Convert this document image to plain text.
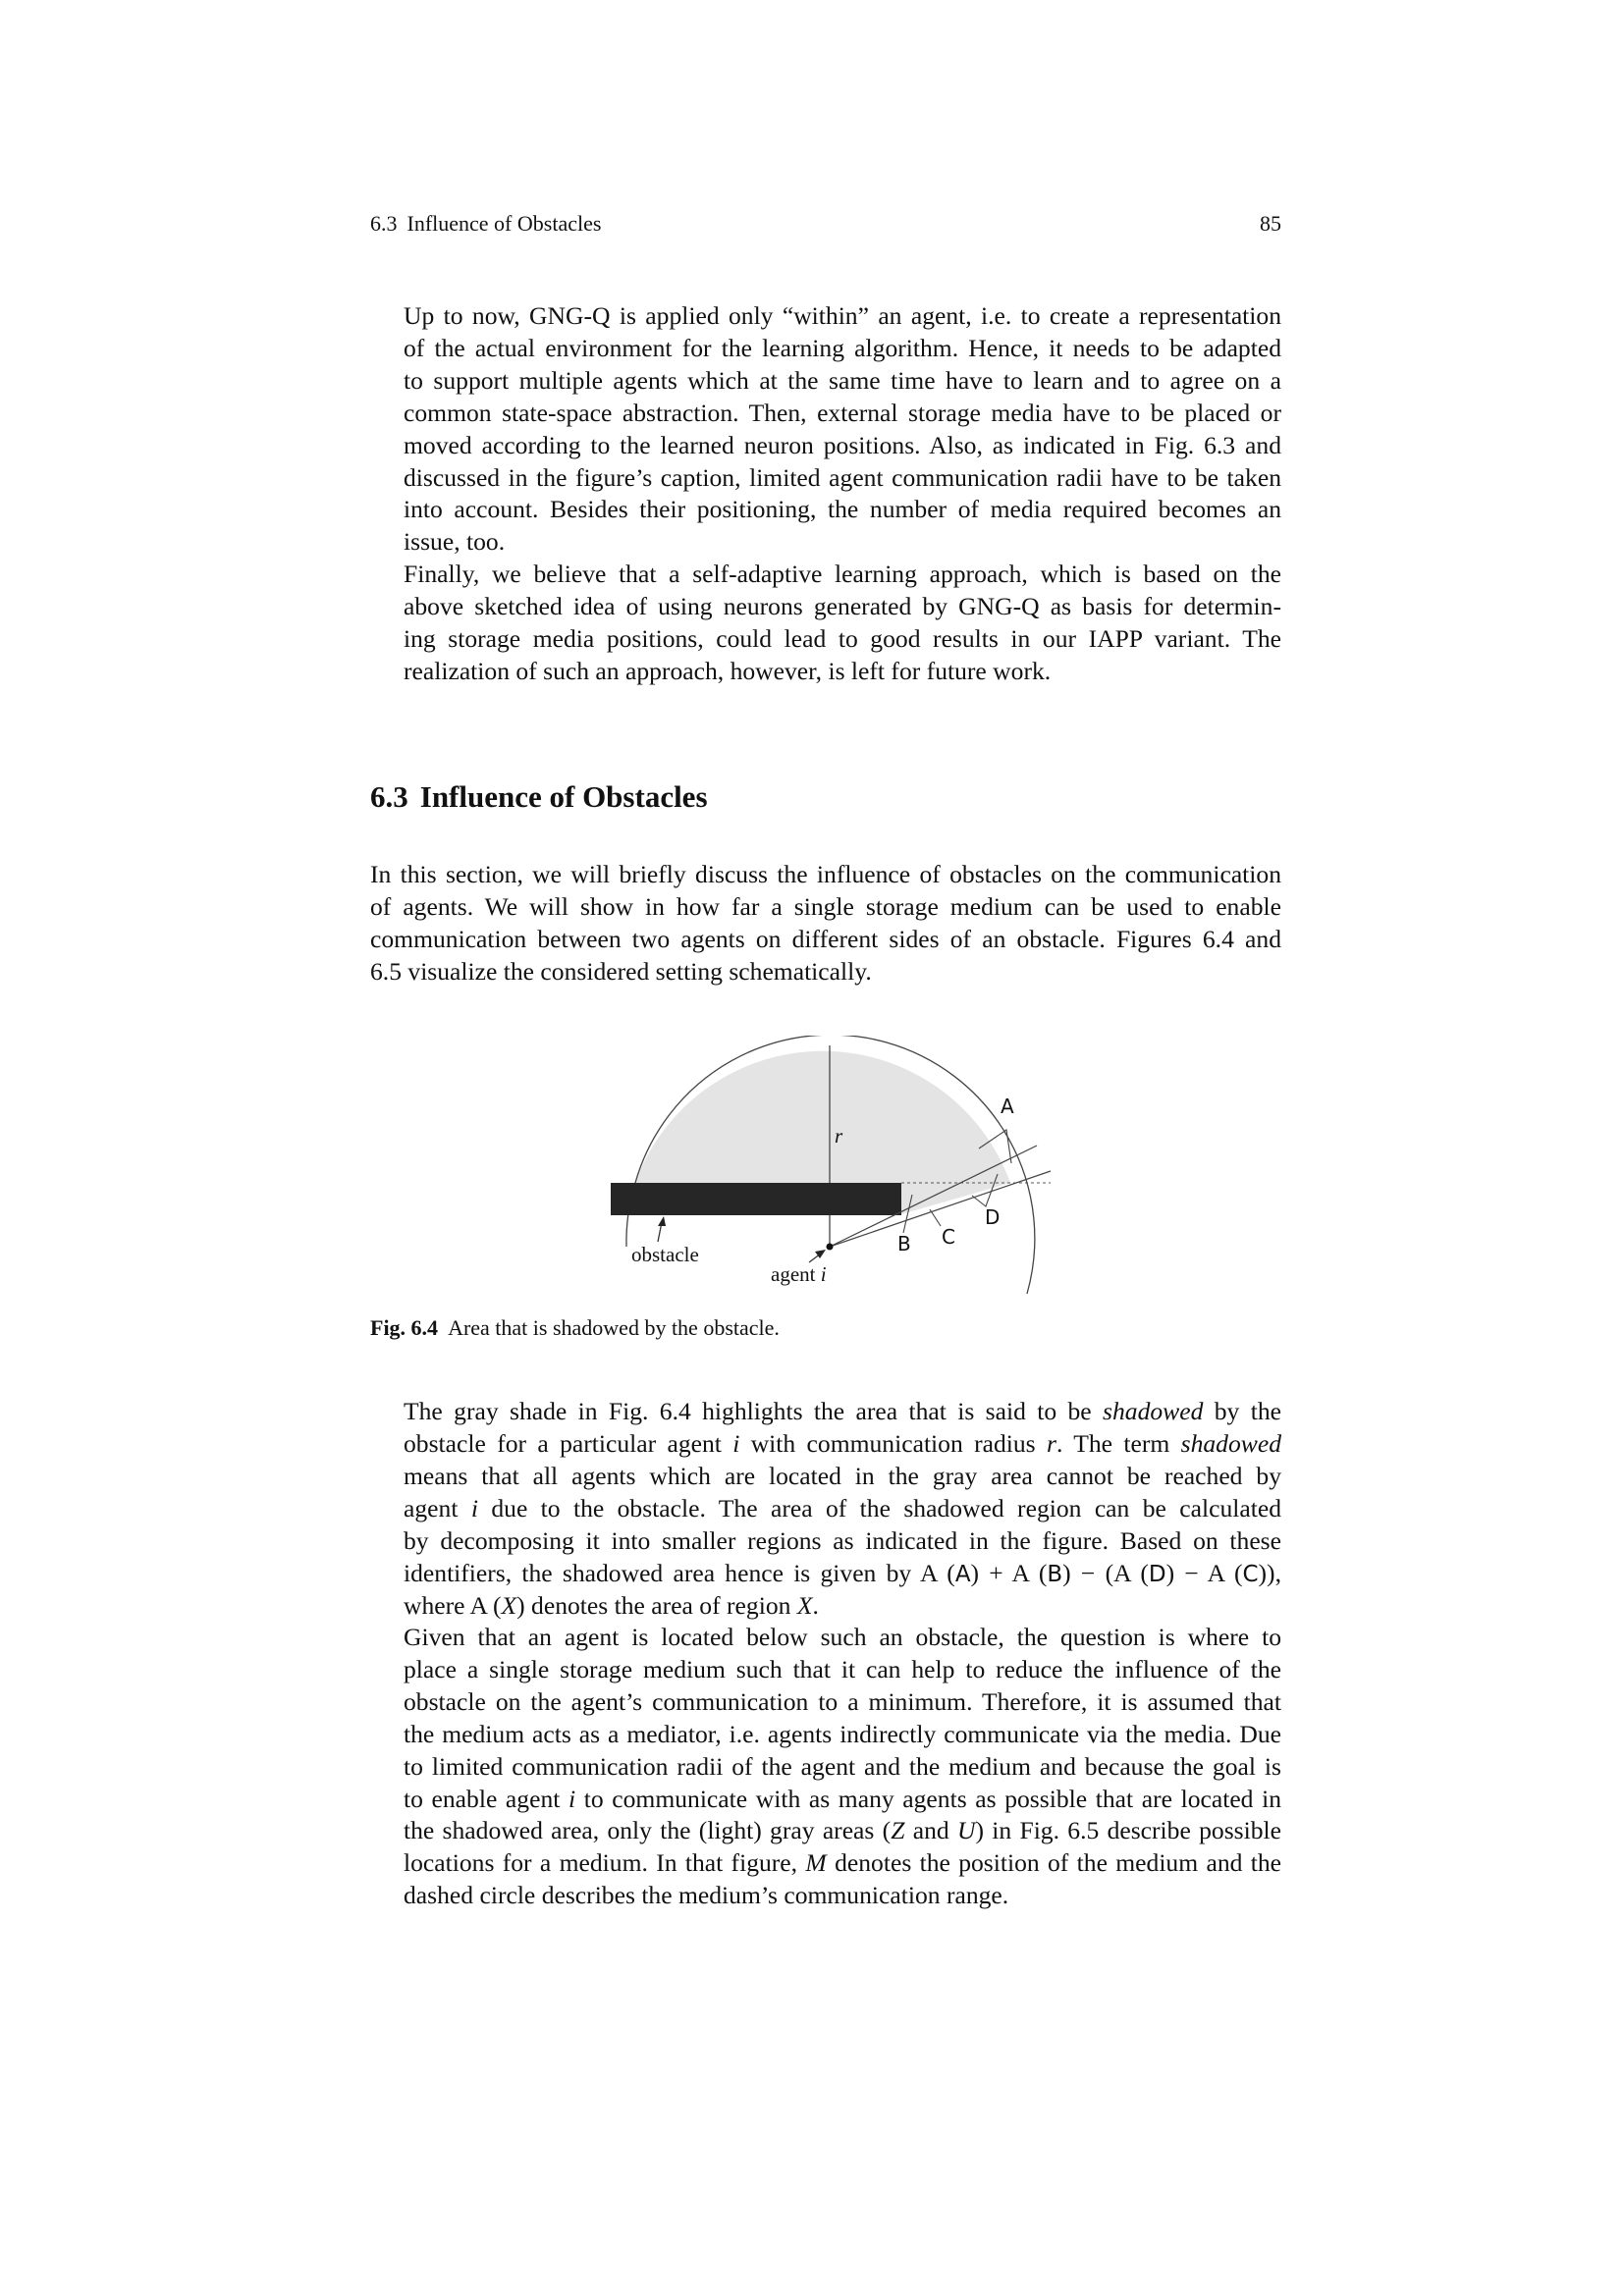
6.3 Influence of Obstacles	85
Up to now, GNG-Q is applied only “within” an agent, i.e. to create a representation
of the actual environment for the learning algorithm. Hence, it needs to be adapted
to support multiple agents which at the same time have to learn and to agree on a
common state-space abstraction. Then, external storage media have to be placed or
moved according to the learned neuron positions. Also, as indicated in Fig. 6.3 and
discussed in the figure’s caption, limited agent communication radii have to be taken
into account. Besides their positioning, the number of media required becomes an
issue, too.
Finally, we believe that a self-adaptive learning approach, which is based on the
above sketched idea of using neurons generated by GNG-Q as basis for determin-
ing storage media positions, could lead to good results in our IAPP variant. The
realization of such an approach, however, is left for future work.
6.3 Influence of Obstacles
In this section, we will briefly discuss the influence of obstacles on the communication
of agents. We will show in how far a single storage medium can be used to enable
communication between two agents on different sides of an obstacle. Figures 6.4 and
6.5 visualize the considered setting schematically.
r
A
B C
D
obstacle
agent i

Fig. 6.4 Area that is shadowed by the obstacle.

The gray shade in Fig. 6.4 highlights the area that is said to be shadowed by the
obstacle for a particular agent i with communication radius r. The term shadowed
means that all agents which are located in the gray area cannot be reached by
agent i due to the obstacle. The area of the shadowed region can be calculated
by decomposing it into smaller regions as indicated in the figure. Based on these
identifiers, the shadowed area hence is given by A (A) + A (B) − (A (D) − A (C)),
where A (X) denotes the area of region X.
Given that an agent is located below such an obstacle, the question is where to
place a single storage medium such that it can help to reduce the influence of the
obstacle on the agent’s communication to a minimum. Therefore, it is assumed that
the medium acts as a mediator, i.e. agents indirectly communicate via the media. Due
to limited communication radii of the agent and the medium and because the goal is
to enable agent i to communicate with as many agents as possible that are located in
the shadowed area, only the (light) gray areas (Z and U) in Fig. 6.5 describe possible
locations for a medium. In that figure, M denotes the position of the medium and the
dashed circle describes the medium’s communication range.
